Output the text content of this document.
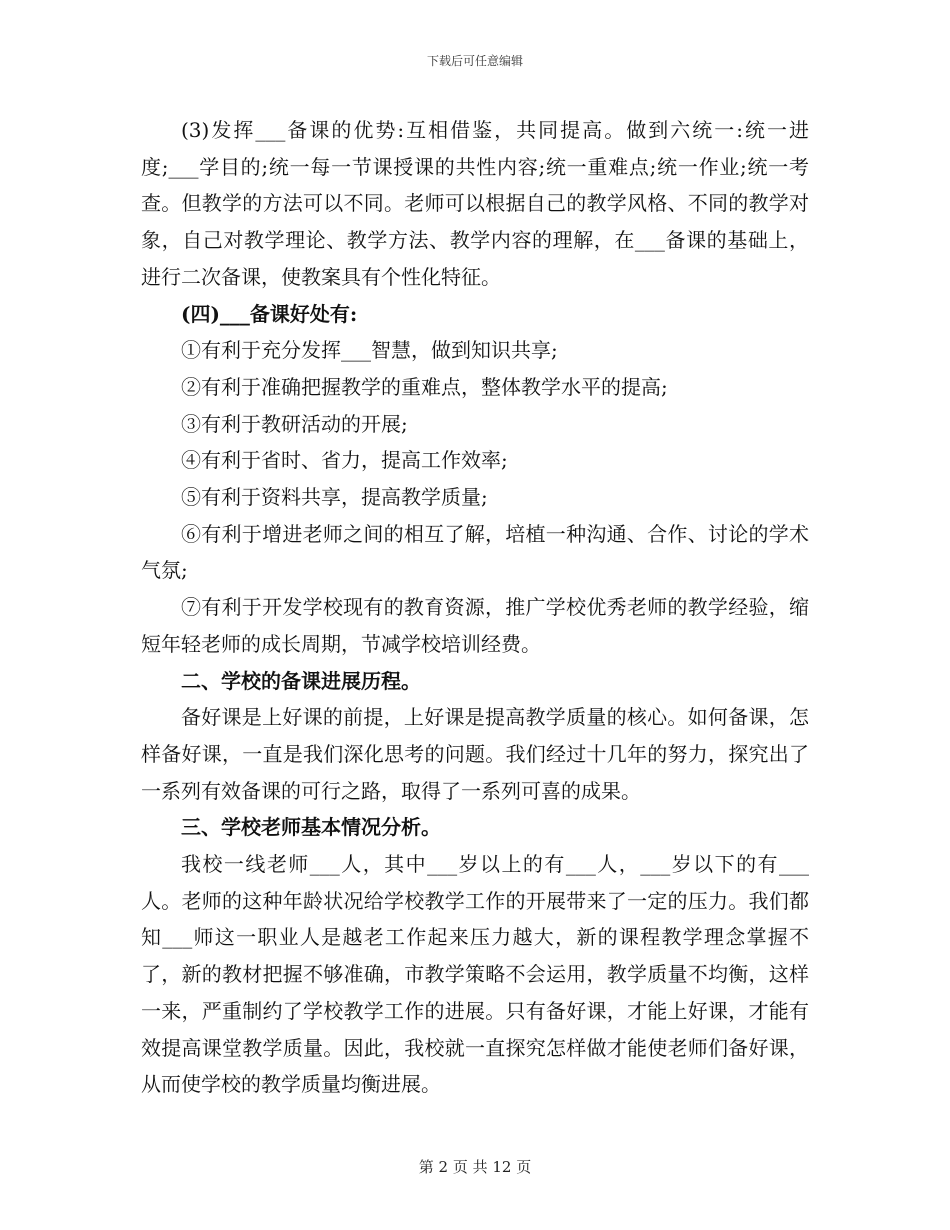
下载后可任意编辑

(3)发挥___备课的优势:互相借鉴，共同提高。做到六统一:统一进度;___学目的;统一每一节课授课的共性内容;统一重难点;统一作业;统一考查。但教学的方法可以不同。老师可以根据自己的教学风格、不同的教学对象，自己对教学理论、教学方法、教学内容的理解，在___备课的基础上，进行二次备课，使教案具有个性化特征。

(四)___备课好处有:

①有利于充分发挥___智慧，做到知识共享;

②有利于准确把握教学的重难点，整体教学水平的提高;

③有利于教研活动的开展;

④有利于省时、省力，提高工作效率;

⑤有利于资料共享，提高教学质量;

⑥有利于增进老师之间的相互了解，培植一种沟通、合作、讨论的学术气氛;

⑦有利于开发学校现有的教育资源，推广学校优秀老师的教学经验，缩短年轻老师的成长周期，节减学校培训经费。

二、学校的备课进展历程。

备好课是上好课的前提，上好课是提高教学质量的核心。如何备课，怎样备好课，一直是我们深化思考的问题。我们经过十几年的努力，探究出了一系列有效备课的可行之路，取得了一系列可喜的成果。

三、学校老师基本情况分析。

我校一线老师___人，其中___岁以上的有___人，___岁以下的有___人。老师的这种年龄状况给学校教学工作的开展带来了一定的压力。我们都知___师这一职业人是越老工作起来压力越大，新的课程教学理念掌握不了，新的教材把握不够准确，市教学策略不会运用，教学质量不均衡，这样一来，严重制约了学校教学工作的进展。只有备好课，才能上好课，才能有效提高课堂教学质量。因此，我校就一直探究怎样做才能使老师们备好课，从而使学校的教学质量均衡进展。

第 2 页 共 12 页
